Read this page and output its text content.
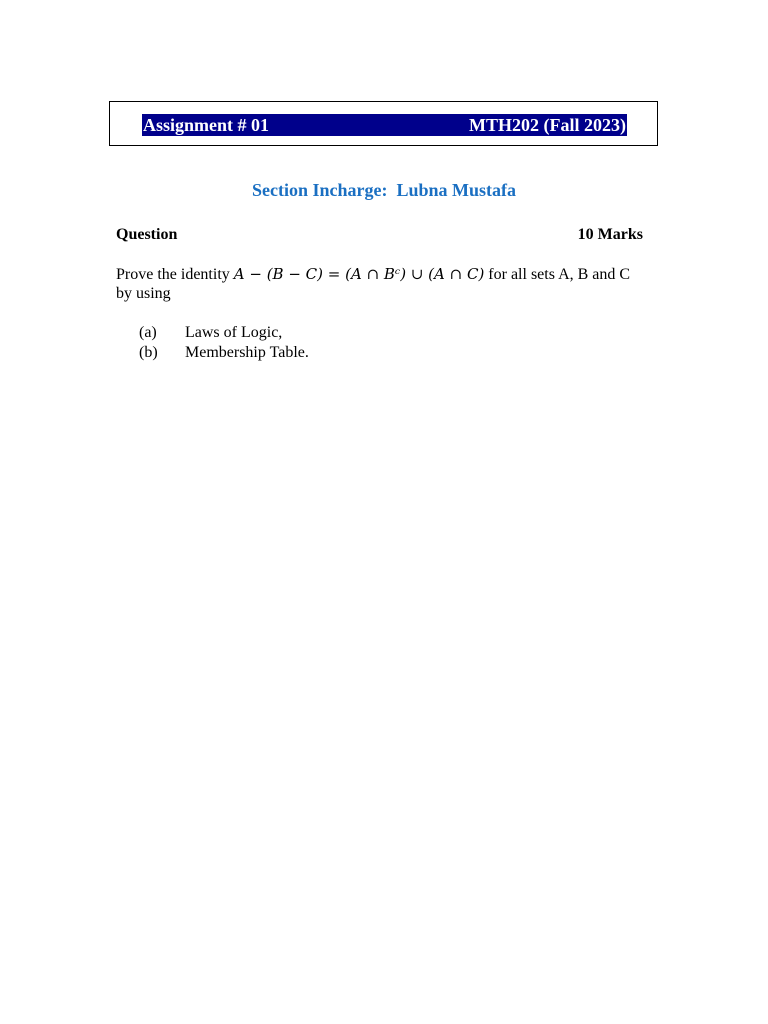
Assignment # 01	MTH202 (Fall 2023)
Section Incharge:  Lubna Mustafa
Question	10 Marks
Prove the identity A − (B − C) = (A ∩ Bᶜ) ∪ (A ∩ C) for all sets A, B and C by using
(a) Laws of Logic,
(b) Membership Table.
